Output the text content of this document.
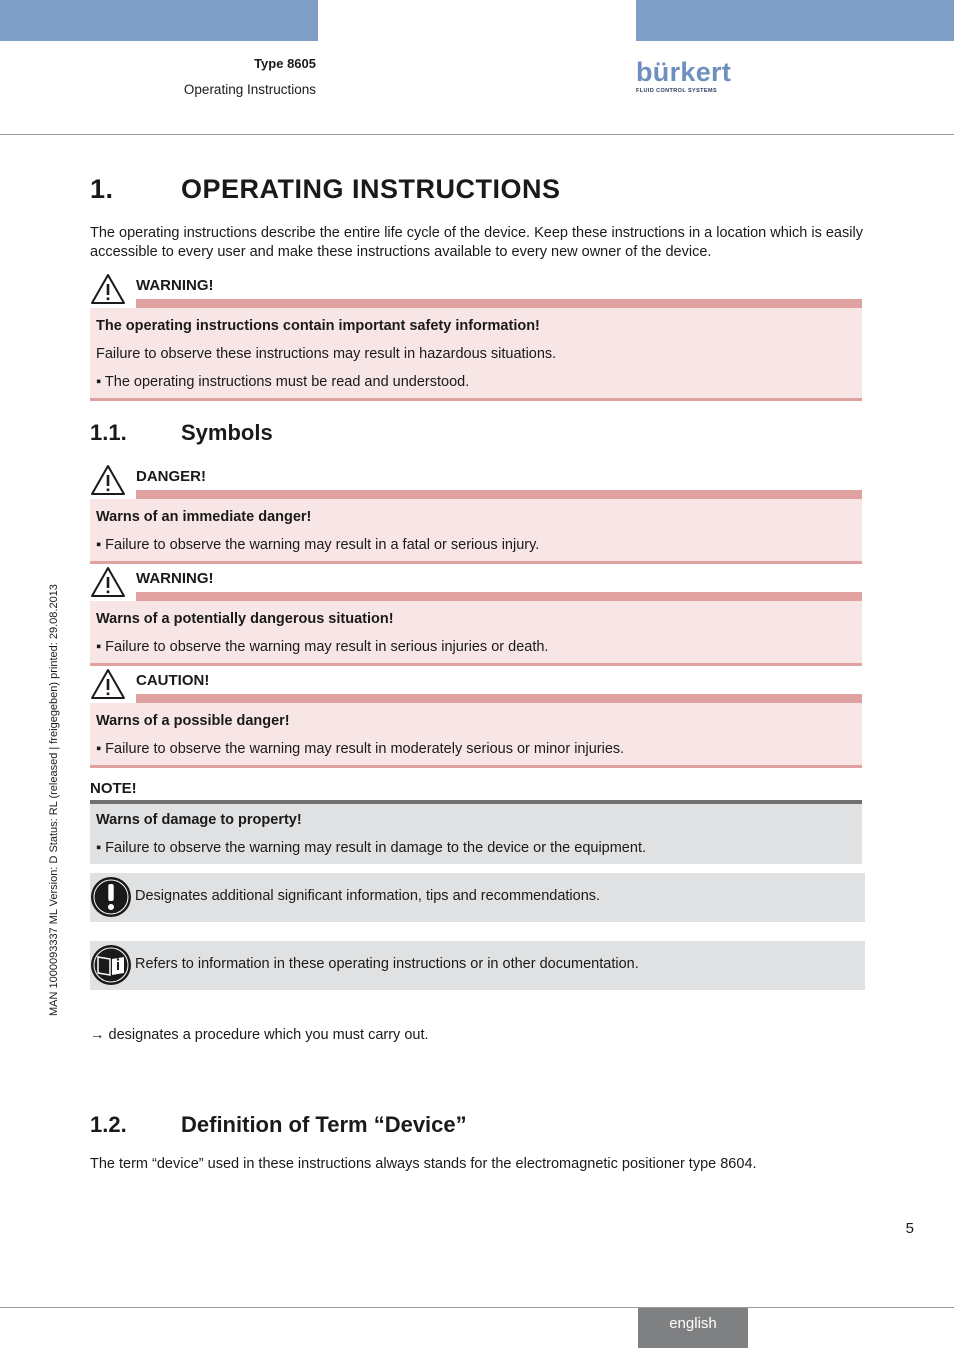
Type 8605
Operating Instructions
bürkert
FLUID CONTROL SYSTEMS
MAN 1000093337 ML Version: D Status: RL (released | freigegeben) printed: 29.08.2013
1. OPERATING INSTRUCTIONS
The operating instructions describe the entire life cycle of the device. Keep these instructions in a location which is easily accessible to every user and make these instructions available to every new owner of the device.
WARNING!
The operating instructions contain important safety information!
Failure to observe these instructions may result in hazardous situations.
▪ The operating instructions must be read and understood.
1.1. Symbols
DANGER!
Warns of an immediate danger!
▪ Failure to observe the warning may result in a fatal or serious injury.
WARNING!
Warns of a potentially dangerous situation!
▪ Failure to observe the warning may result in serious injuries or death.
CAUTION!
Warns of a possible danger!
▪ Failure to observe the warning may result in moderately serious or minor injuries.
NOTE!
Warns of damage to property!
▪ Failure to observe the warning may result in damage to the device or the equipment.
Designates additional significant information, tips and recommendations.
Refers to information in these operating instructions or in other documentation.
→ designates a procedure which you must carry out.
1.2. Definition of Term “Device”
The term “device” used in these instructions always stands for the electromagnetic positioner type 8604.
5
english
